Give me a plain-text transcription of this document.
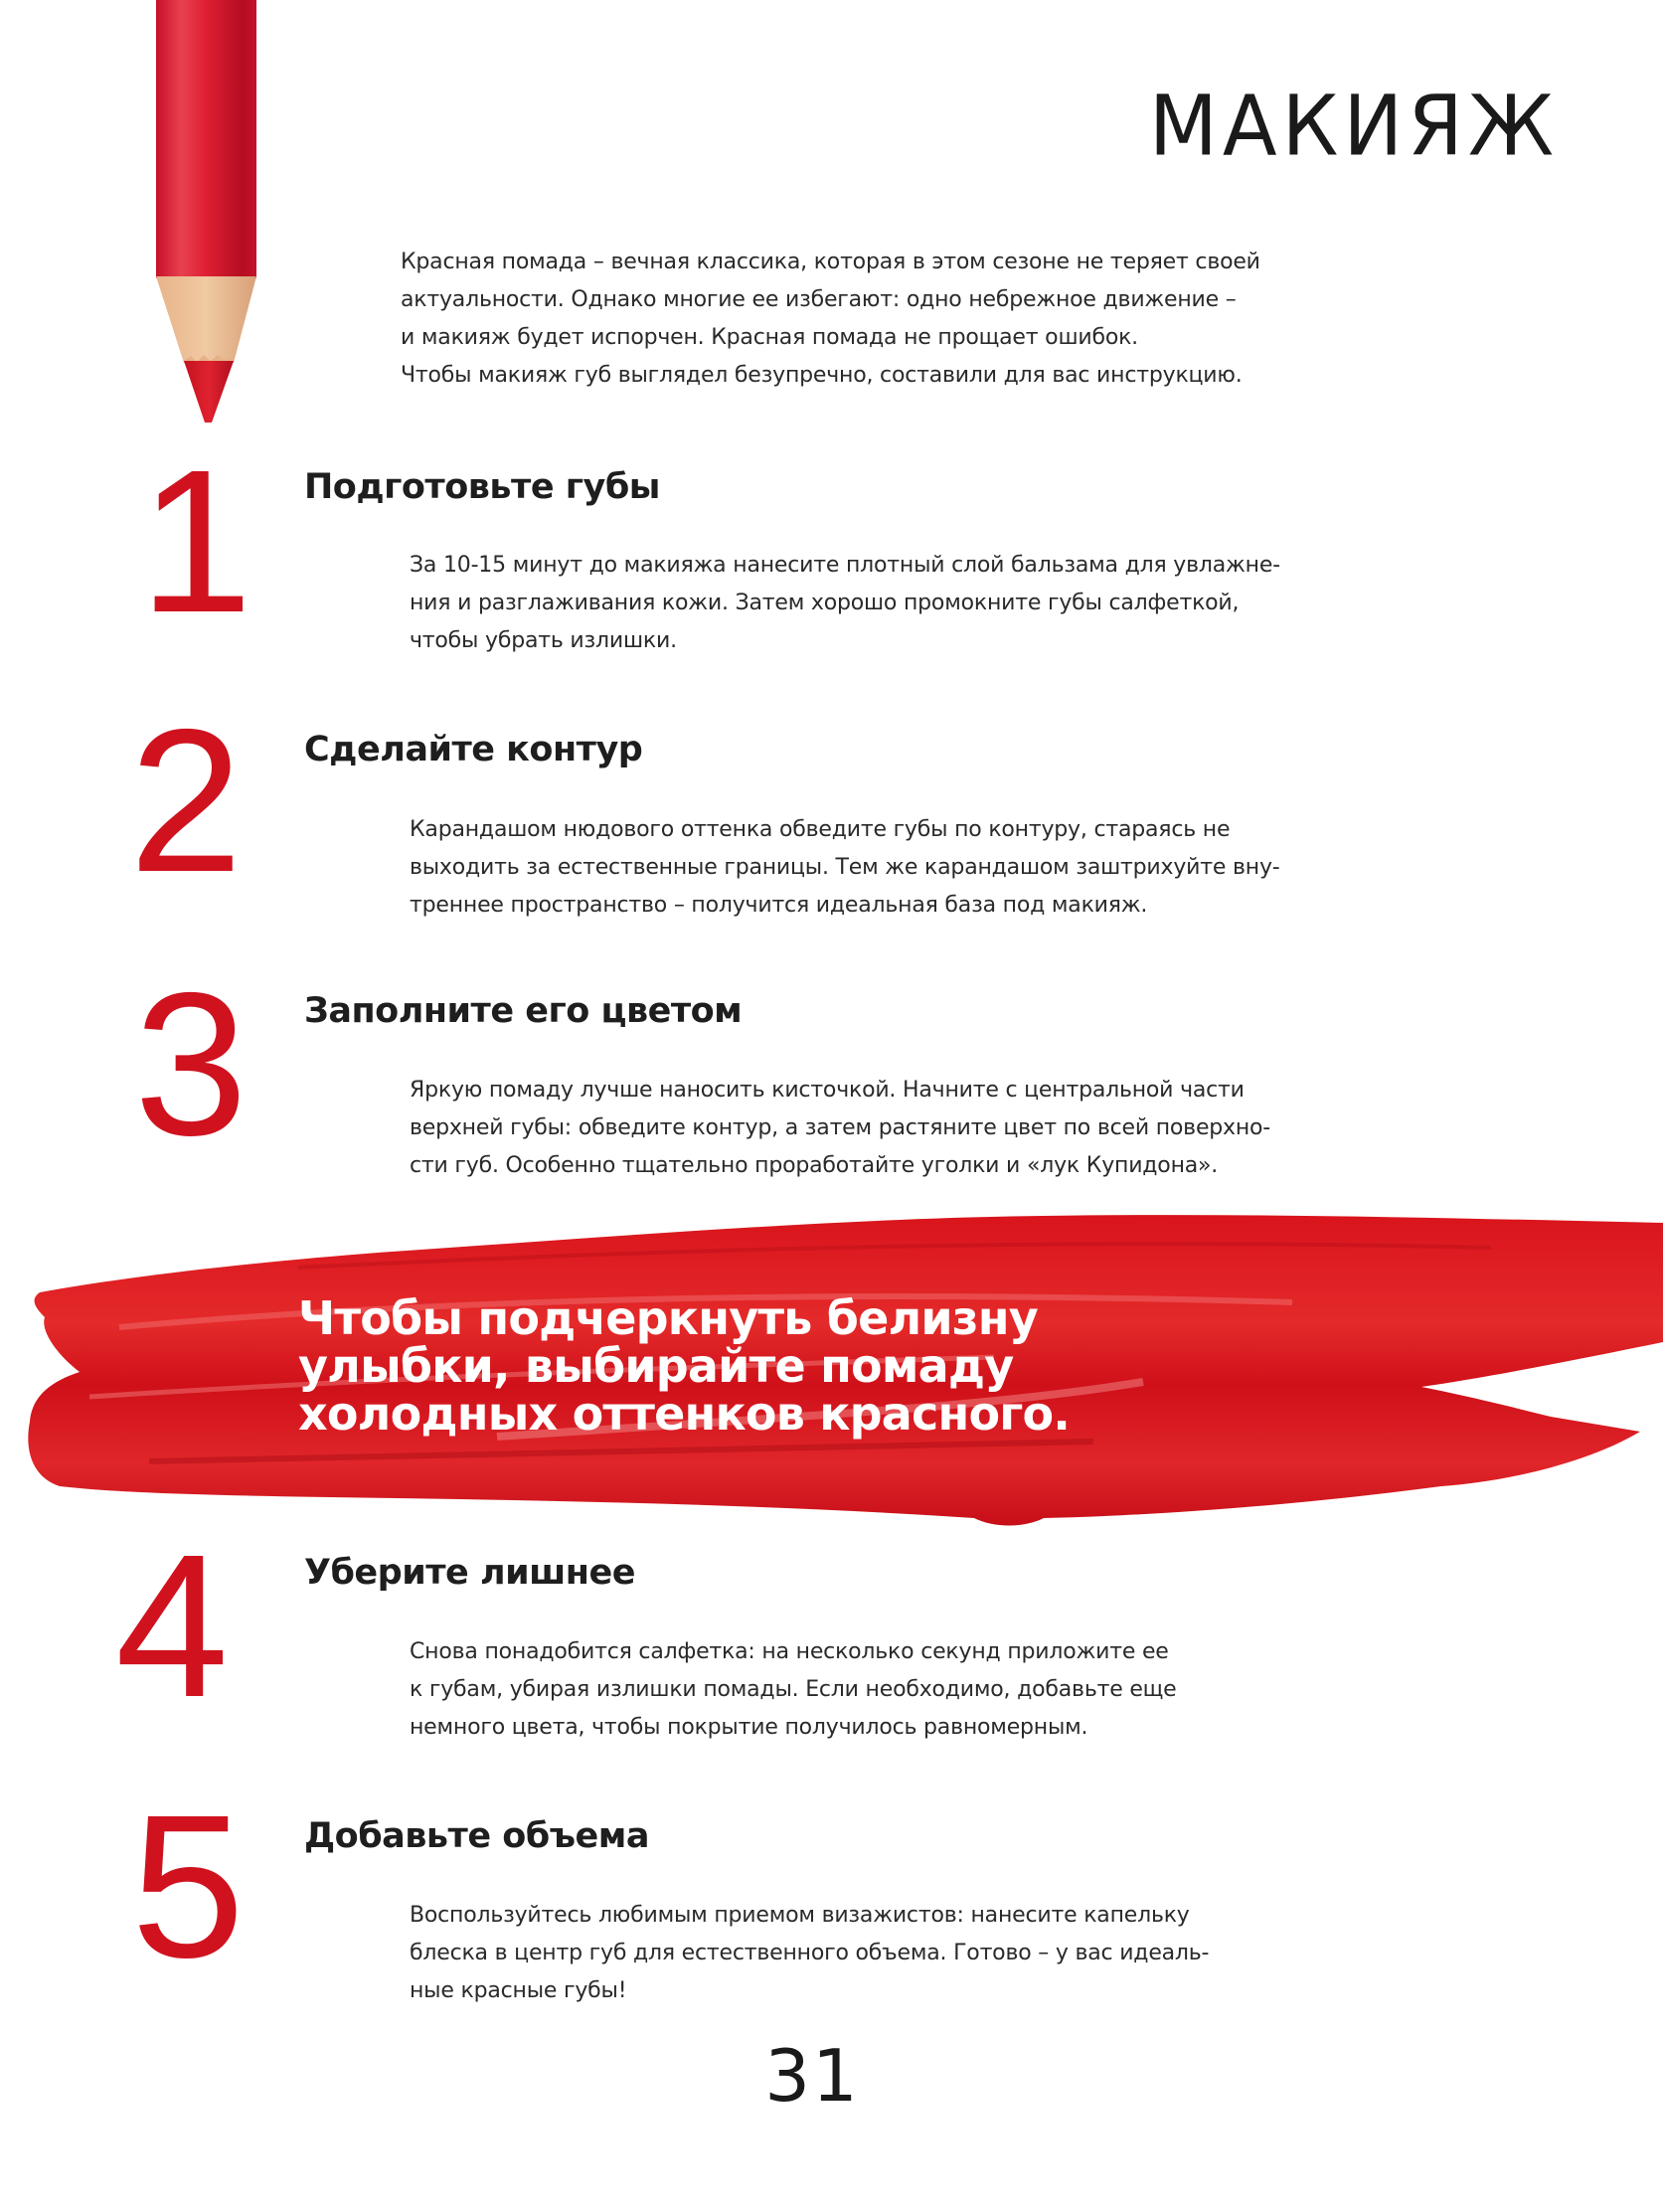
МАКИЯЖ
Красная помада – вечная классика, которая в этом сезоне не теряет своей
актуальности. Однако многие ее избегают: одно небрежное движение –
и макияж будет испорчен. Красная помада не прощает ошибок.
Чтобы макияж губ выглядел безупречно, составили для вас инструкцию.
1 Подготовьте губы
За 10-15 минут до макияжа нанесите плотный слой бальзама для увлажне-
ния и разглаживания кожи. Затем хорошо промокните губы салфеткой,
чтобы убрать излишки.
2 Сделайте контур
Карандашом нюдового оттенка обведите губы по контуру, стараясь не
выходить за естественные границы. Тем же карандашом заштрихуйте вну-
треннее пространство – получится идеальная база под макияж.
3 Заполните его цветом
Яркую помаду лучше наносить кисточкой. Начните с центральной части
верхней губы: обведите контур, а затем растяните цвет по всей поверхно-
сти губ. Особенно тщательно проработайте уголки и «лук Купидона».
Чтобы подчеркнуть белизну
улыбки, выбирайте помаду
холодных оттенков красного.
4 Уберите лишнее
Снова понадобится салфетка: на несколько секунд приложите ее
к губам, убирая излишки помады. Если необходимо, добавьте еще
немного цвета, чтобы покрытие получилось равномерным.
5 Добавьте объема
Воспользуйтесь любимым приемом визажистов: нанесите капельку
блеска в центр губ для естественного объема. Готово – у вас идеаль-
ные красные губы!
31
